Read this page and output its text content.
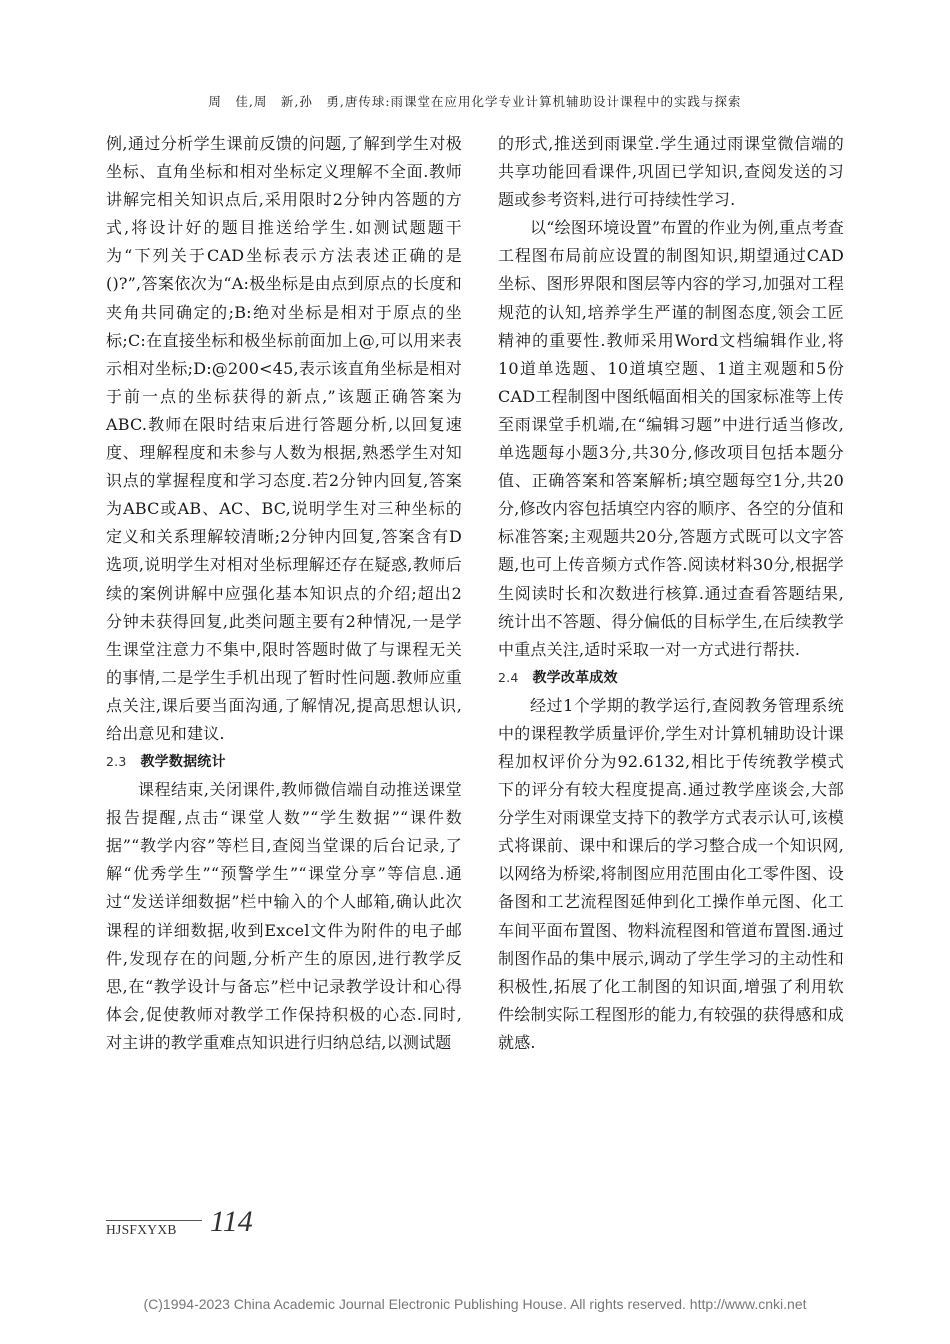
周　佳,周　新,孙　勇,唐传球:雨课堂在应用化学专业计算机辅助设计课程中的实践与探索

例,通过分析学生课前反馈的问题,了解到学生对极坐标、直角坐标和相对坐标定义理解不全面.教师讲解完相关知识点后,采用限时2分钟内答题的方式,将设计好的题目推送给学生.如测试题题干为“下列关于CAD坐标表示方法表述正确的是()?”,答案依次为“A:极坐标是由点到原点的长度和夹角共同确定的;B:绝对坐标是相对于原点的坐标;C:在直接坐标和极坐标前面加上@,可以用来表示相对坐标;D:@200<45,表示该直角坐标是相对于前一点的坐标获得的新点,”该题正确答案为ABC.教师在限时结束后进行答题分析,以回复速度、理解程度和未参与人数为根据,熟悉学生对知识点的掌握程度和学习态度.若2分钟内回复,答案为ABC或AB、AC、BC,说明学生对三种坐标的定义和关系理解较清晰;2分钟内回复,答案含有D选项,说明学生对相对坐标理解还存在疑惑,教师后续的案例讲解中应强化基本知识点的介绍;超出2分钟未获得回复,此类问题主要有2种情况,一是学生课堂注意力不集中,限时答题时做了与课程无关的事情,二是学生手机出现了暂时性问题.教师应重点关注,课后要当面沟通,了解情况,提高思想认识,给出意见和建议.

2.3 教学数据统计

课程结束,关闭课件,教师微信端自动推送课堂报告提醒,点击“课堂人数”“学生数据”“课件数据”“教学内容”等栏目,查阅当堂课的后台记录,了解“优秀学生”“预警学生”“课堂分享”等信息.通过“发送详细数据”栏中输入的个人邮箱,确认此次课程的详细数据,收到Excel文件为附件的电子邮件,发现存在的问题,分析产生的原因,进行教学反思,在“教学设计与备忘”栏中记录教学设计和心得体会,促使教师对教学工作保持积极的心态.同时,对主讲的教学重难点知识进行归纳总结,以测试题

的形式,推送到雨课堂.学生通过雨课堂微信端的共享功能回看课件,巩固已学知识,查阅发送的习题或参考资料,进行可持续性学习.

以“绘图环境设置”布置的作业为例,重点考查工程图布局前应设置的制图知识,期望通过CAD坐标、图形界限和图层等内容的学习,加强对工程规范的认知,培养学生严谨的制图态度,领会工匠精神的重要性.教师采用Word文档编辑作业,将10道单选题、10道填空题、1道主观题和5份CAD工程制图中图纸幅面相关的国家标准等上传至雨课堂手机端,在“编辑习题”中进行适当修改,单选题每小题3分,共30分,修改项目包括本题分值、正确答案和答案解析;填空题每空1分,共20分,修改内容包括填空内容的顺序、各空的分值和标准答案;主观题共20分,答题方式既可以文字答题,也可上传音频方式作答.阅读材料30分,根据学生阅读时长和次数进行核算.通过查看答题结果,统计出不答题、得分偏低的目标学生,在后续教学中重点关注,适时采取一对一方式进行帮扶.

2.4 教学改革成效

经过1个学期的教学运行,查阅教务管理系统中的课程教学质量评价,学生对计算机辅助设计课程加权评价分为92.6132,相比于传统教学模式下的评分有较大程度提高.通过教学座谈会,大部分学生对雨课堂支持下的教学方式表示认可,该模式将课前、课中和课后的学习整合成一个知识网,以网络为桥梁,将制图应用范围由化工零件图、设备图和工艺流程图延伸到化工操作单元图、化工车间平面布置图、物料流程图和管道布置图.通过制图作品的集中展示,调动了学生学习的主动性和积极性,拓展了化工制图的知识面,增强了利用软件绘制实际工程图形的能力,有较强的获得感和成就感.

HJSFXYXB	114
(C)1994-2023 China Academic Journal Electronic Publishing House. All rights reserved. http://www.cnki.net
